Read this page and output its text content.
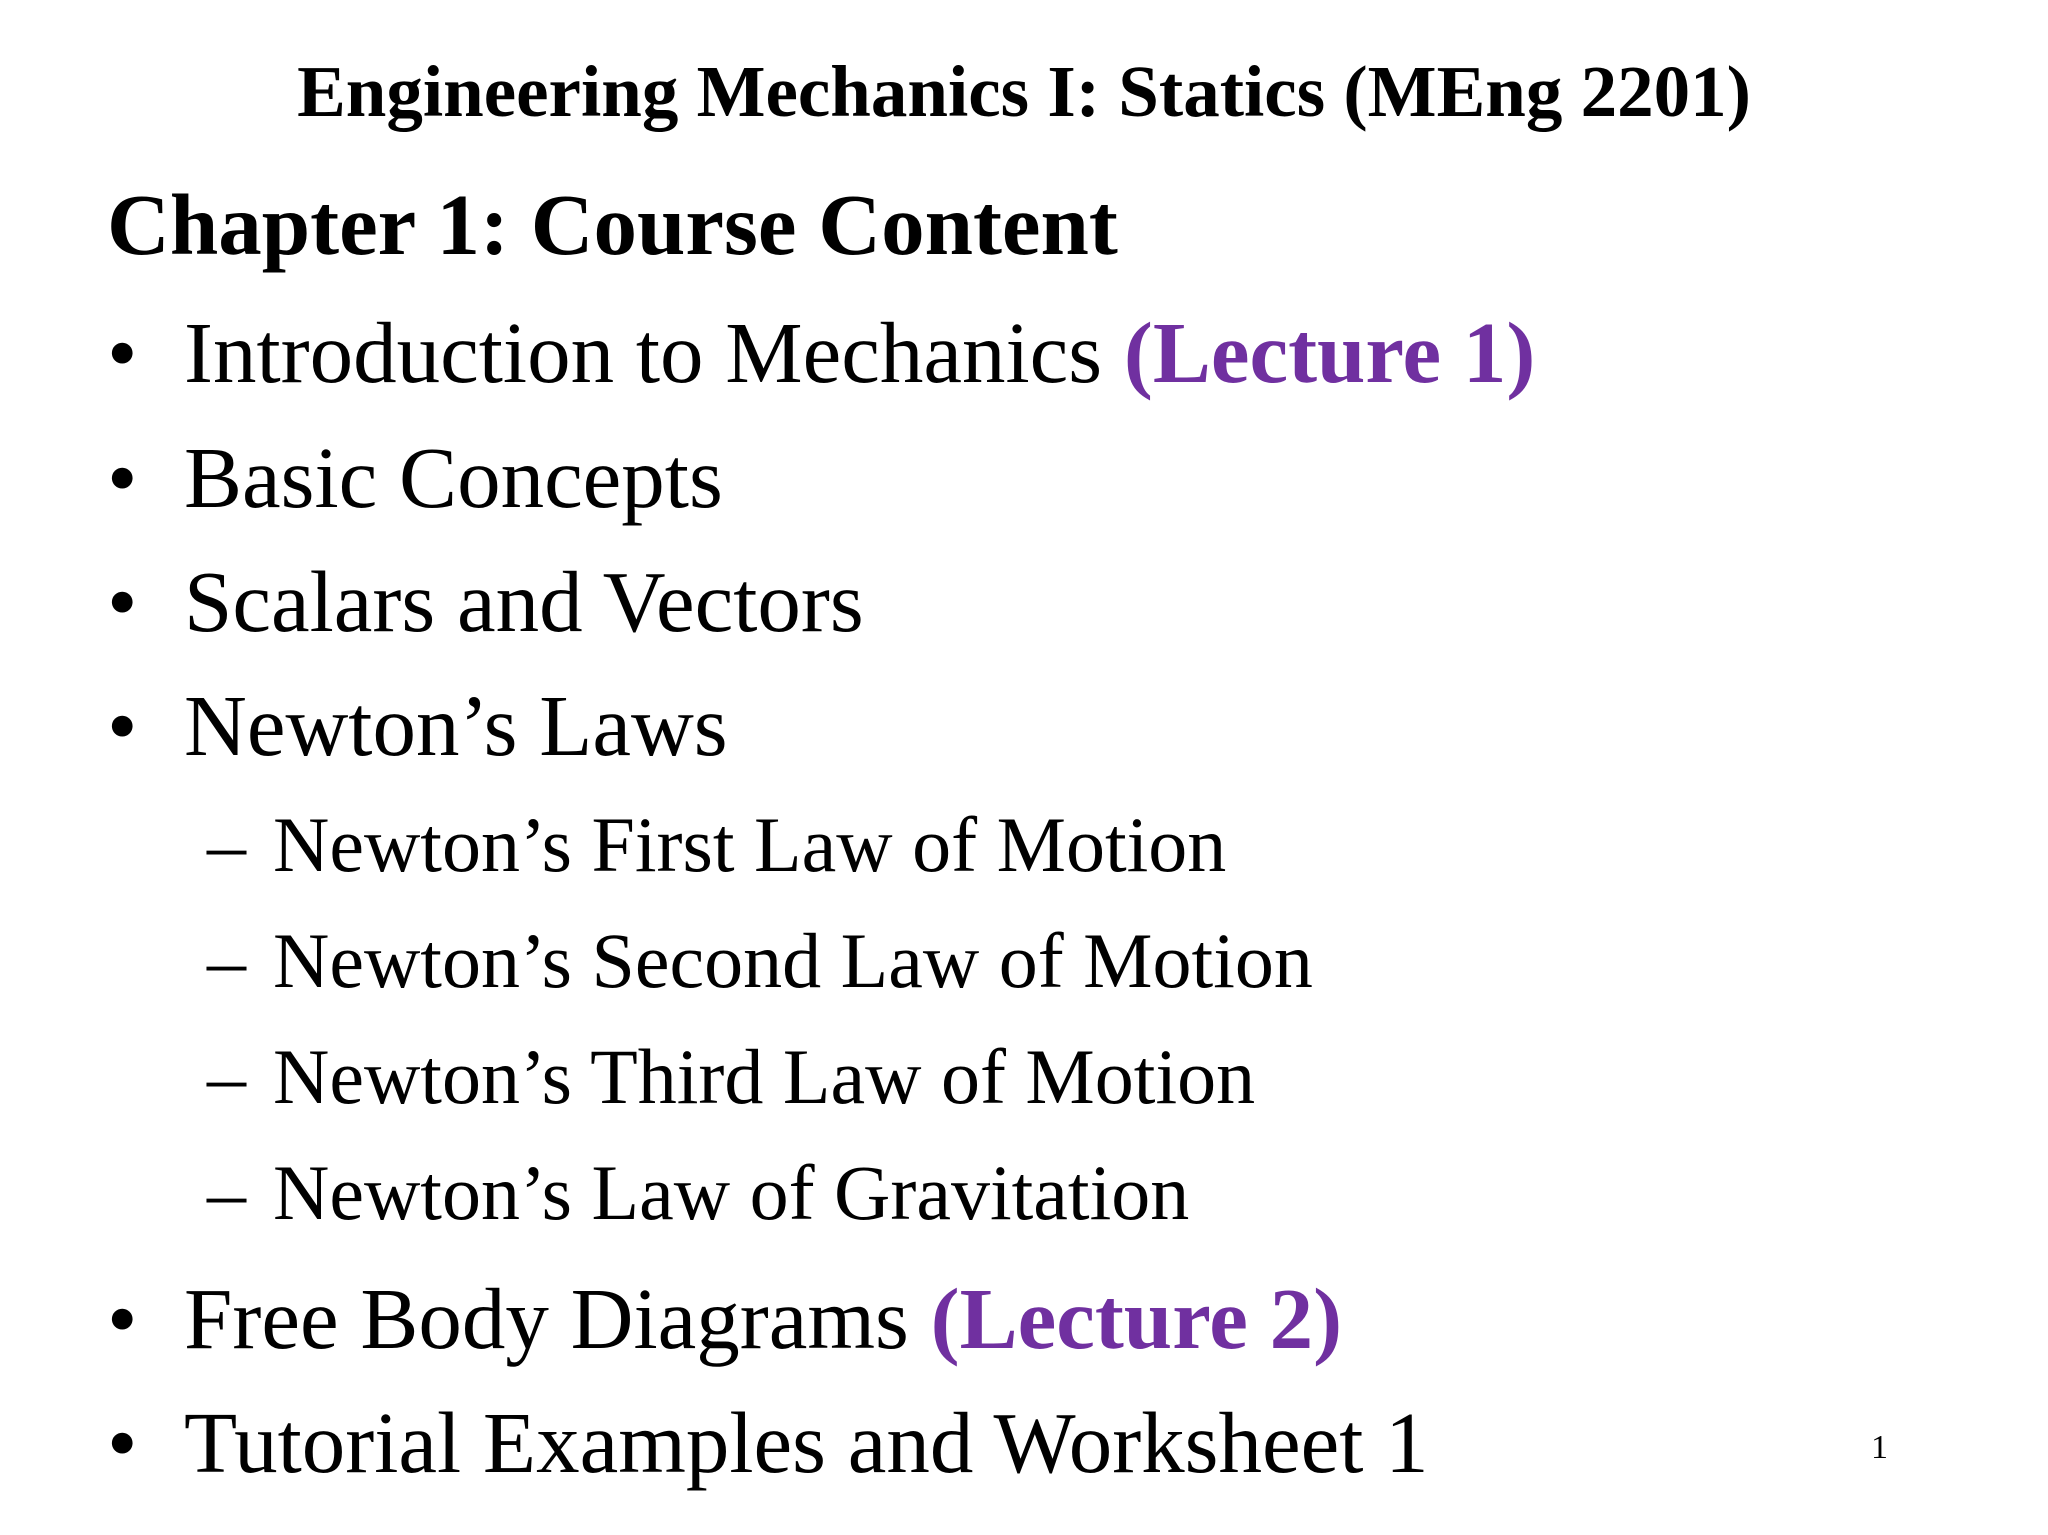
Engineering Mechanics I: Statics (MEng 2201)
Chapter 1: Course Content
• Introduction to Mechanics (Lecture 1)
• Basic Concepts
• Scalars and Vectors
• Newton’s Laws
– Newton’s First Law of Motion
– Newton’s Second Law of Motion
– Newton’s Third Law of Motion
– Newton’s Law of Gravitation
• Free Body Diagrams (Lecture 2)
• Tutorial Examples and Worksheet 1	1
